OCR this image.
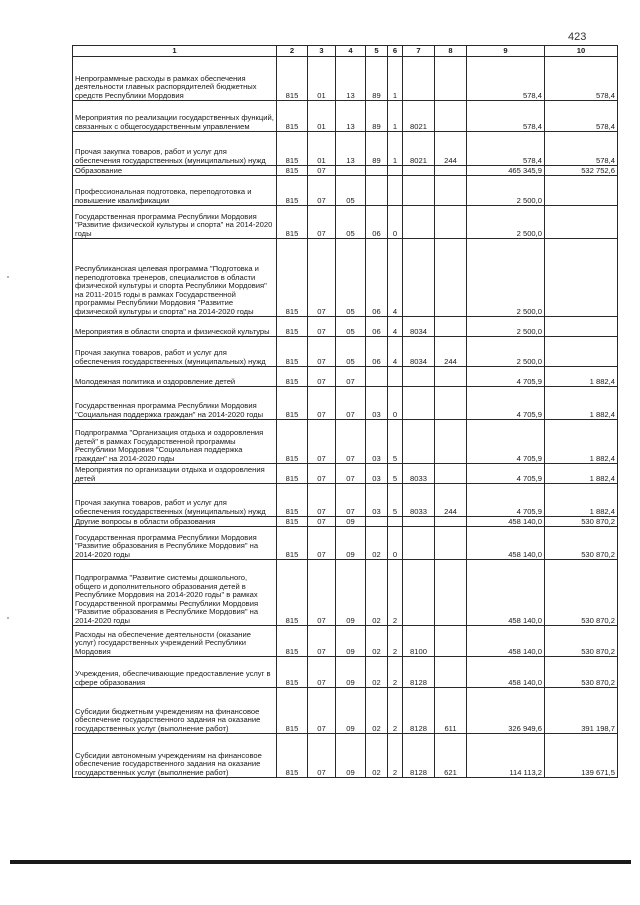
423
1	2	3	4	5	6	7	8	9	10
Непрограммные расходы в рамках обеспечения деятельности главных распорядителей бюджетных средств Республики Мордовия	815	01	13	89	1			578,4	578,4
Мероприятия по реализации государственных функций, связанных с общегосударственным управлением	815	01	13	89	1	8021		578,4	578,4
Прочая закупка товаров, работ и услуг для обеспечения государственных (муниципальных) нужд	815	01	13	89	1	8021	244	578,4	578,4
Образование	815	07						465 345,9	532 752,6
Профессиональная подготовка, переподготовка и повышение квалификации	815	07	05					2 500,0	
Государственная программа Республики Мордовия "Развитие физической культуры и спорта" на 2014-2020 годы	815	07	05	06	0			2 500,0	
Республиканская целевая программа "Подготовка и переподготовка тренеров, специалистов в области физической культуры и спорта Республики Мордовия" на 2011-2015 годы в рамках Государственной программы Республики Мордовия "Развитие физической культуры и спорта" на 2014-2020 годы	815	07	05	06	4			2 500,0	
Мероприятия в области спорта и физической культуры	815	07	05	06	4	8034		2 500,0	
Прочая закупка товаров, работ и услуг для обеспечения государственных (муниципальных) нужд	815	07	05	06	4	8034	244	2 500,0	
Молодежная политика и оздоровление детей	815	07	07					4 705,9	1 882,4
Государственная программа Республики Мордовия "Социальная поддержка граждан" на 2014-2020 годы	815	07	07	03	0			4 705,9	1 882,4
Подпрограмма "Организация отдыха и оздоровления детей" в рамках Государственной программы Республики Мордовия "Социальная поддержка граждан" на 2014-2020 годы	815	07	07	03	5			4 705,9	1 882,4
Мероприятия по организации отдыха и оздоровления детей	815	07	07	03	5	8033		4 705,9	1 882,4
Прочая закупка товаров, работ и услуг для обеспечения государственных (муниципальных) нужд	815	07	07	03	5	8033	244	4 705,9	1 882,4
Другие вопросы в области образования	815	07	09					458 140,0	530 870,2
Государственная программа Республики Мордовия "Развитие образования в Республике Мордовия" на 2014-2020 годы	815	07	09	02	0			458 140,0	530 870,2
Подпрограмма "Развитие системы дошкольного, общего и дополнительного образования детей в Республике Мордовия на 2014-2020 годы" в рамках Государственной программы Республики Мордовия "Развитие образования в Республике Мордовия" на 2014-2020 годы	815	07	09	02	2			458 140,0	530 870,2
Расходы на обеспечение деятельности (оказание услуг) государственных учреждений Республики Мордовия	815	07	09	02	2	8100		458 140,0	530 870,2
Учреждения, обеспечивающие предоставление услуг в сфере образования	815	07	09	02	2	8128		458 140,0	530 870,2
Субсидии бюджетным учреждениям на финансовое обеспечение государственного задания на оказание государственных услуг (выполнение работ)	815	07	09	02	2	8128	611	326 949,6	391 198,7
Субсидии автономным учреждениям на финансовое обеспечение государственного задания на оказание государственных услуг (выполнение работ)	815	07	09	02	2	8128	621	114 113,2	139 671,5
